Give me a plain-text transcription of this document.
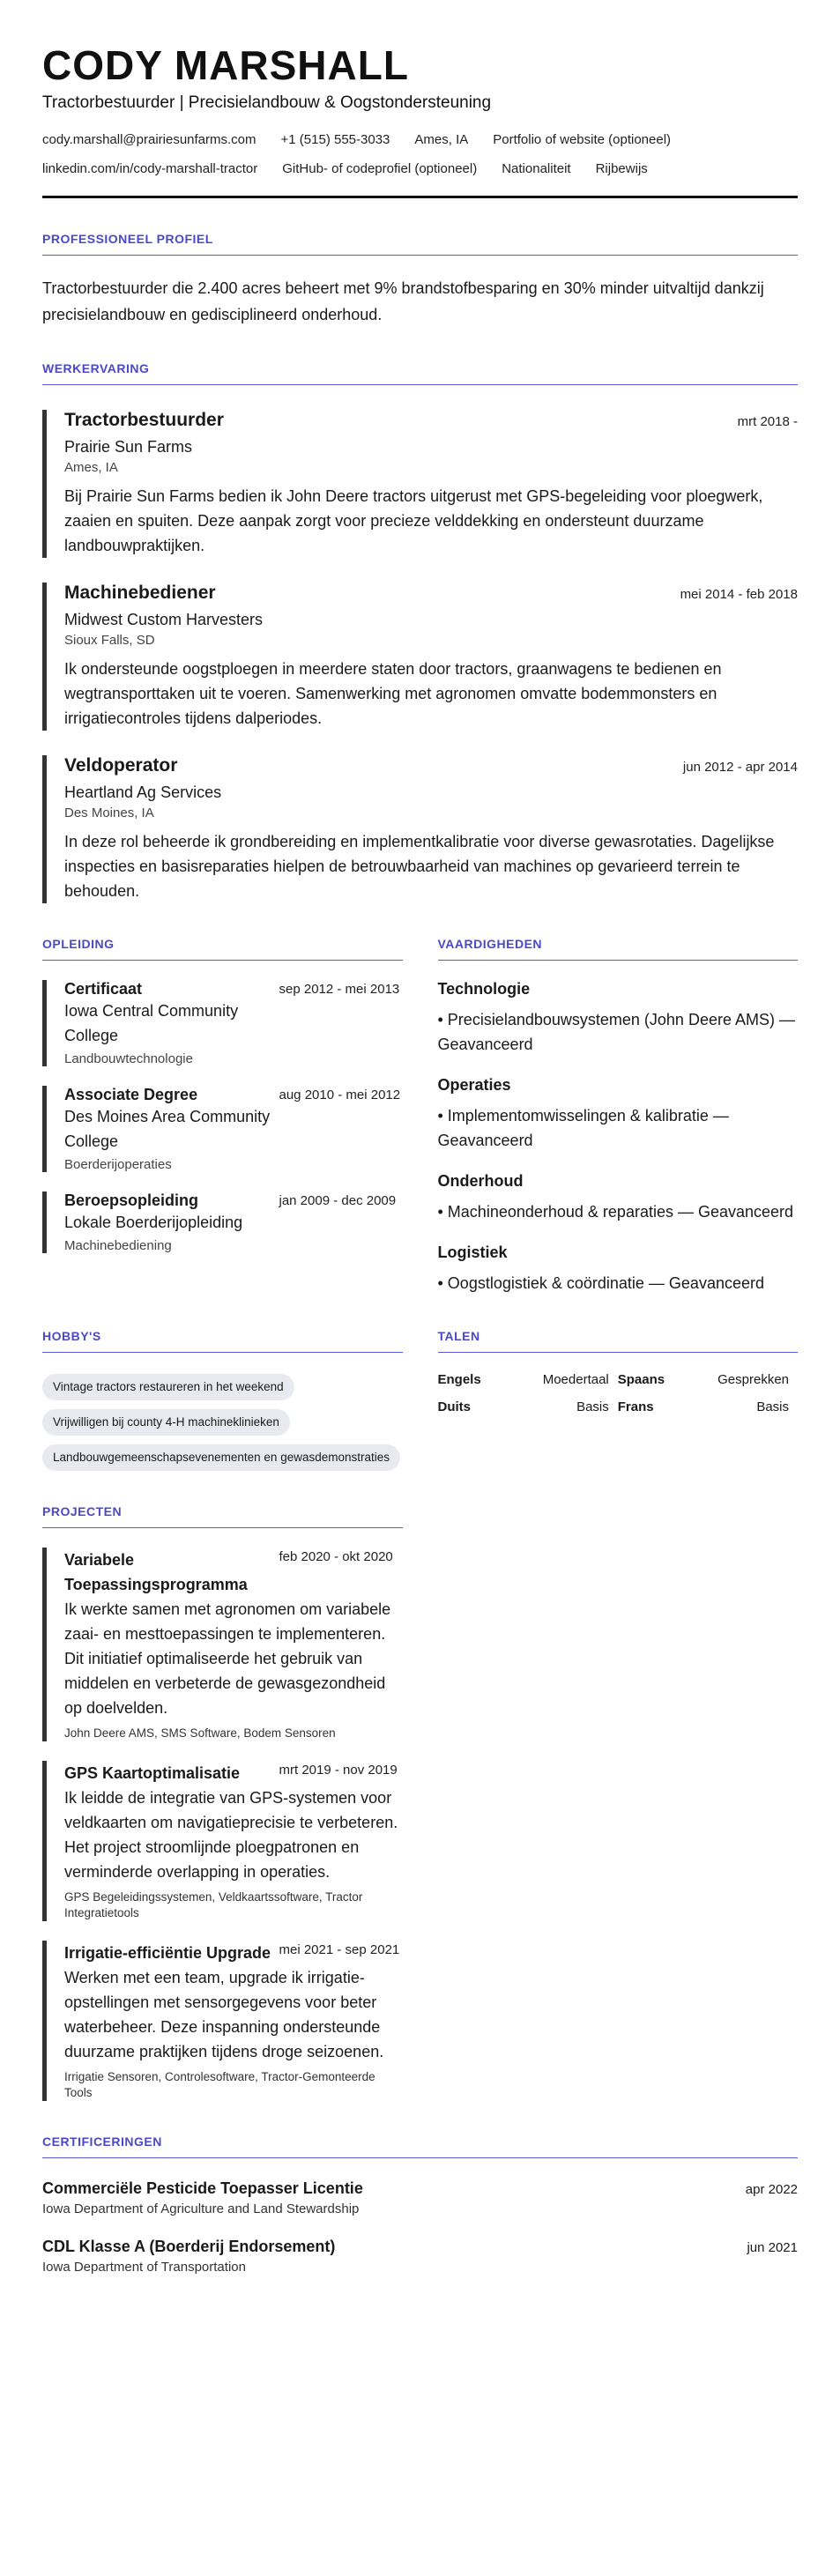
CODY MARSHALL
Tractorbestuurder | Precisielandbouw & Oogstondersteuning
cody.marshall@prairiesunfarms.com +1 (515) 555-3033 Ames, IA Portfolio of website (optioneel)
linkedin.com/in/cody-marshall-tractor GitHub- of codeprofiel (optioneel) Nationaliteit Rijbewijs
PROFESSIONEEL PROFIEL
Tractorbestuurder die 2.400 acres beheert met 9% brandstofbesparing en 30% minder uitvaltijd dankzij precisielandbouw en gedisciplineerd onderhoud.
WERKERVARING
Tractorbestuurder	mrt 2018 -
Prairie Sun Farms
Ames, IA
Bij Prairie Sun Farms bedien ik John Deere tractors uitgerust met GPS-begeleiding voor ploegwerk, zaaien en spuiten. Deze aanpak zorgt voor precieze velddekking en ondersteunt duurzame landbouwpraktijken.
Machinebediener	mei 2014 - feb 2018
Midwest Custom Harvesters
Sioux Falls, SD
Ik ondersteunde oogstploegen in meerdere staten door tractors, graanwagens te bedienen en wegtransporttaken uit te voeren. Samenwerking met agronomen omvatte bodemmonsters en irrigatiecontroles tijdens dalperiodes.
Veldoperator	jun 2012 - apr 2014
Heartland Ag Services
Des Moines, IA
In deze rol beheerde ik grondbereiding en implementkalibratie voor diverse gewasrotaties. Dagelijkse inspecties en basisreparaties hielpen de betrouwbaarheid van machines op gevarieerd terrein te behouden.
OPLEIDING
Certificaat
Iowa Central Community College
sep 2012 - mei 2013
Landbouwtechnologie
Associate Degree
Des Moines Area Community College
aug 2010 - mei 2012
Boerderijoperaties
Beroepsopleiding
Lokale Boerderijopleiding
jan 2009 - dec 2009
Machinebediening
VAARDIGHEDEN
Technologie
• Precisielandbouwsystemen (John Deere AMS) — Geavanceerd
Operaties
• Implementomwisselingen & kalibratie — Geavanceerd
Onderhoud
• Machineonderhoud & reparaties — Geavanceerd
Logistiek
• Oogstlogistiek & coördinatie — Geavanceerd
HOBBY'S
Vintage tractors restaureren in het weekend
Vrijwilligen bij county 4-H machineklinieken
Landbouwgemeenschapsevenementen en gewasdemonstraties
TALEN
Engels	Moedertaal Spaans	Gesprekken
Duits	Basis Frans	Basis
PROJECTEN
Variabele Toepassingsprogramma
feb 2020 - okt 2020
Ik werkte samen met agronomen om variabele zaai- en mesttoepassingen te implementeren. Dit initiatief optimaliseerde het gebruik van middelen en verbeterde de gewasgezondheid op doelvelden.
John Deere AMS, SMS Software, Bodem Sensoren
GPS Kaartoptimalisatie	mrt 2019 - nov 2019
Ik leidde de integratie van GPS-systemen voor veldkaarten om navigatieprecisie te verbeteren. Het project stroomlijnde ploegpatronen en verminderde overlapping in operaties.
GPS Begeleidingssystemen, Veldkaartssoftware, Tractor Integratietools
Irrigatie-efficiëntie Upgrade mei 2021 - sep 2021
Werken met een team, upgrade ik irrigatie-opstellingen met sensorgegevens voor beter waterbeheer. Deze inspanning ondersteunde duurzame praktijken tijdens droge seizoenen.
Irrigatie Sensoren, Controlesoftware, Tractor-Gemonteerde Tools
CERTIFICERINGEN
Commerciële Pesticide Toepasser Licentie	apr 2022
Iowa Department of Agriculture and Land Stewardship
CDL Klasse A (Boerderij Endorsement)	jun 2021
Iowa Department of Transportation
